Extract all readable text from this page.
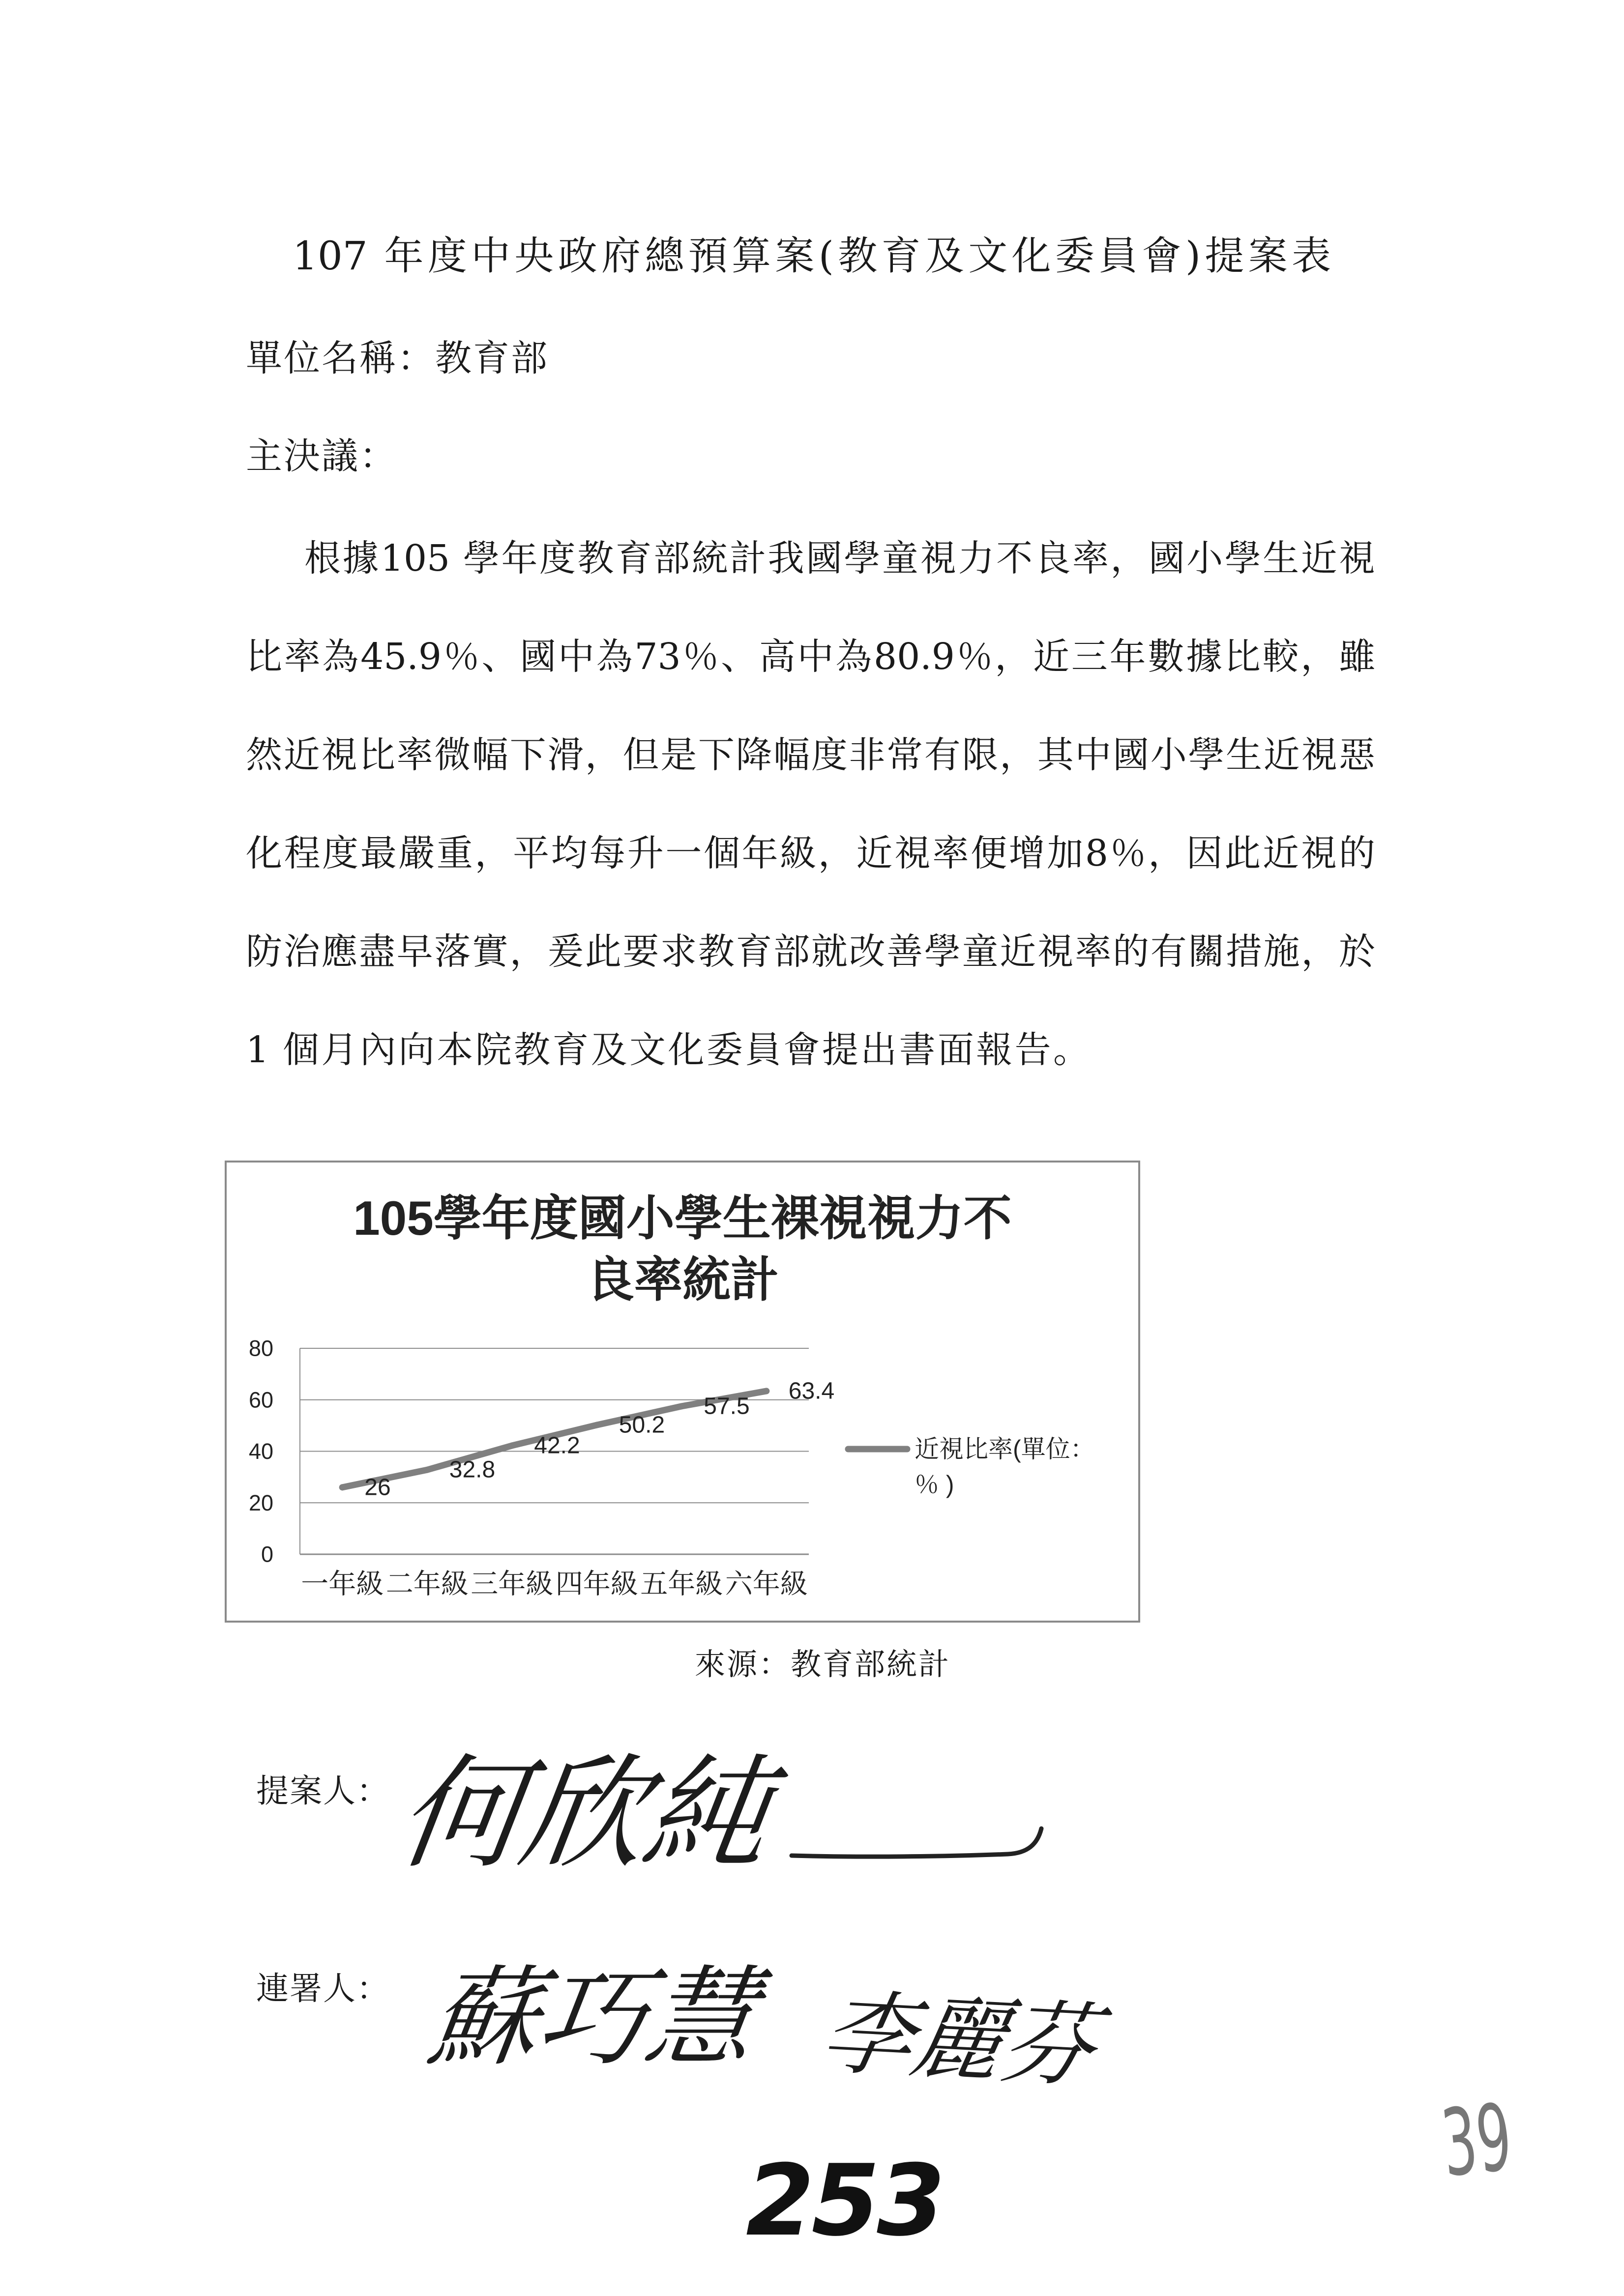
107 年度中央政府總預算案(教育及文化委員會)提案表
單位名稱：教育部
主決議：
根據105 學年度教育部統計我國學童視力不良率，國小學生近視
比率為45.9％、國中為73％、高中為80.9％，近三年數據比較，雖
然近視比率微幅下滑，但是下降幅度非常有限，其中國小學生近視惡
化程度最嚴重，平均每升一個年級，近視率便增加8％，因此近視的
防治應盡早落實，爰此要求教育部就改善學童近視率的有關措施，於
1 個月內向本院教育及文化委員會提出書面報告。
0
20
40
60
80
一年級 二年級 三年級 四年級 五年級 六年級
26
32.8
42.2
50.2
57.5
63.4
105學年度國小學生裸視視力不良率統計
近視比率(單位：％ )
來源：教育部統計
提案人： 何欣純
連署人： 蘇巧慧 李麗芬
253
39
